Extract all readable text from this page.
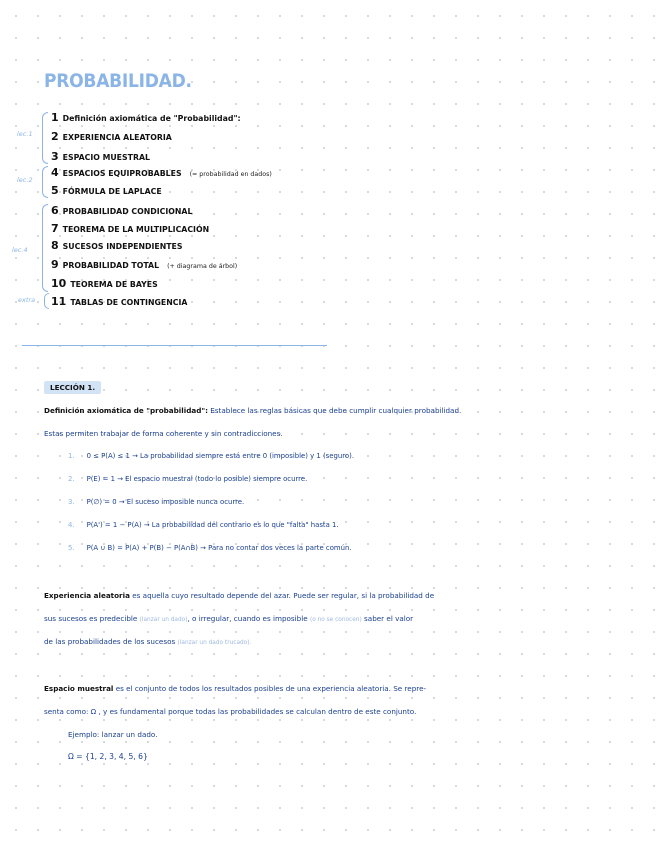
PROBABILIDAD.
1 Definición axiomática de "Probabilidad":
2 EXPERIENCIA ALEATORIA
3 ESPACIO MUESTRAL
4 ESPACIOS EQUIPROBABLES (= probabilidad en dados)
5 FÓRMULA DE LAPLACE
6 PROBABILIDAD CONDICIONAL
7 TEOREMA DE LA MULTIPLICACIÓN
8 SUCESOS INDEPENDIENTES
9 PROBABILIDAD TOTAL (+ diagrama de árbol)
10 TEOREMA DE BAYES
11 TABLAS DE CONTINGENCIA
lec.1
lec.2
lec.4
extra
LECCIÓN 1.
Definición axiomática de "probabilidad": Establece las reglas básicas que debe cumplir cualquier probabilidad.
Estas permiten trabajar de forma coherente y sin contradicciones.
1. 0 ≤ P(A) ≤ 1 → La probabilidad siempre está entre 0 (imposible) y 1 (seguro).
2. P(E) = 1 → El espacio muestral (todo lo posible) siempre ocurre.
3. P(∅) = 0 → El suceso imposible nunca ocurre.
4. P(A') = 1 − P(A) → La probabilidad del contrario es lo que "falta" hasta 1.
5. P(A ∪ B) = P(A) + P(B) − P(A∩B) → Para no contar dos veces la parte común.
Experiencia aleatoria es aquella cuyo resultado depende del azar. Puede ser regular, si la probabilidad de
sus sucesos es predecible (lanzar un dado), o irregular, cuando es imposible (o no se conocen) saber el valor
de las probabilidades de los sucesos (lanzar un dado trucado).
Espacio muestral es el conjunto de todos los resultados posibles de una experiencia aleatoria. Se repre-
senta como: Ω , y es fundamental porque todas las probabilidades se calculan dentro de este conjunto.
Ejemplo: lanzar un dado.
Ω = {1, 2, 3, 4, 5, 6}
